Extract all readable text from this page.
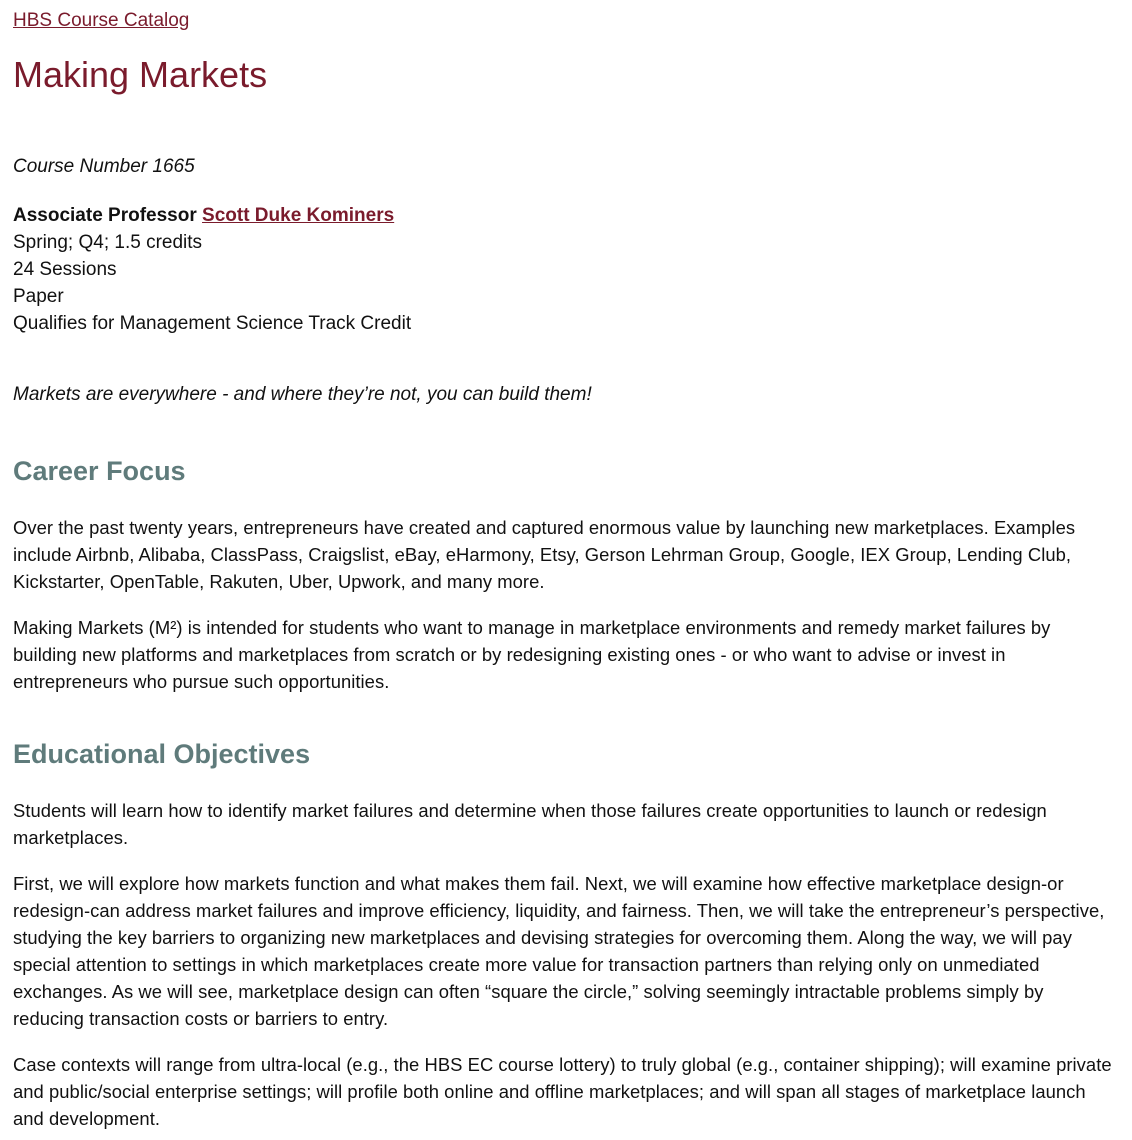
HBS Course Catalog
Making Markets
Course Number 1665
Associate Professor Scott Duke Kominers
Spring; Q4; 1.5 credits
24 Sessions
Paper
Qualifies for Management Science Track Credit
Markets are everywhere - and where they’re not, you can build them!
Career Focus

Over the past twenty years, entrepreneurs have created and captured enormous value by launching new marketplaces. Examples include Airbnb, Alibaba, ClassPass, Craigslist, eBay, eHarmony, Etsy, Gerson Lehrman Group, Google, IEX Group, Lending Club, Kickstarter, OpenTable, Rakuten, Uber, Upwork, and many more.

Making Markets (M²) is intended for students who want to manage in marketplace environments and remedy market failures by building new platforms and marketplaces from scratch or by redesigning existing ones - or who want to advise or invest in entrepreneurs who pursue such opportunities.

Educational Objectives

Students will learn how to identify market failures and determine when those failures create opportunities to launch or redesign marketplaces.

First, we will explore how markets function and what makes them fail. Next, we will examine how effective marketplace design-or redesign-can address market failures and improve efficiency, liquidity, and fairness. Then, we will take the entrepreneur’s perspective, studying the key barriers to organizing new marketplaces and devising strategies for overcoming them. Along the way, we will pay special attention to settings in which marketplaces create more value for transaction partners than relying only on unmediated exchanges. As we will see, marketplace design can often “square the circle,” solving seemingly intractable problems simply by reducing transaction costs or barriers to entry.

Case contexts will range from ultra-local (e.g., the HBS EC course lottery) to truly global (e.g., container shipping); will examine private and public/social enterprise settings; will profile both online and offline marketplaces; and will span all stages of marketplace launch and development.
